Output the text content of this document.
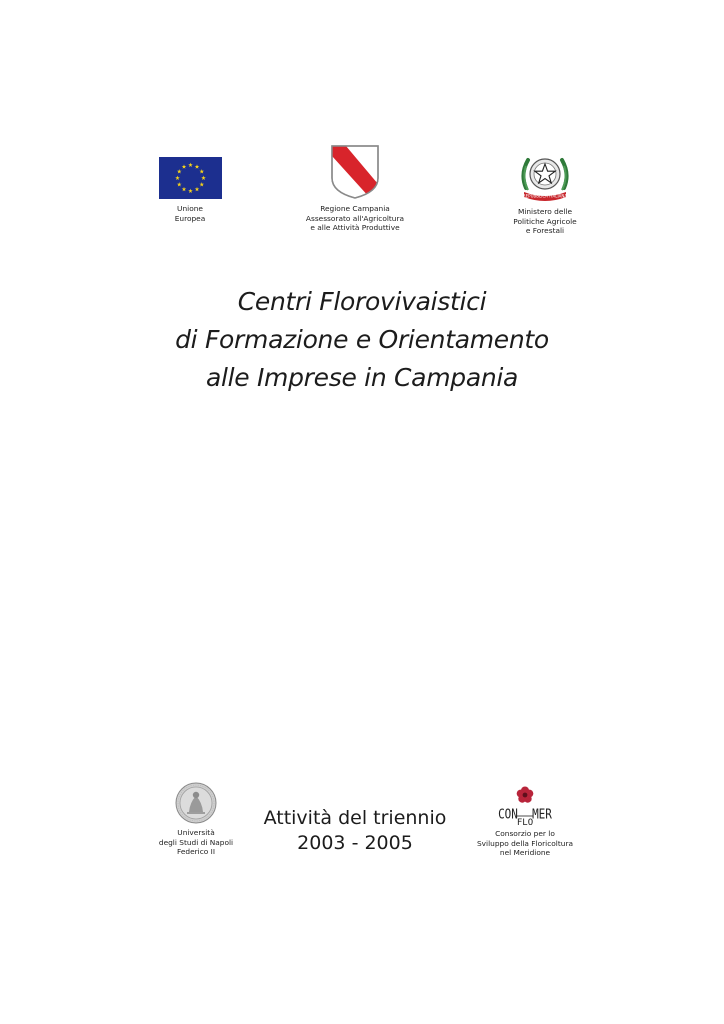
Unione
Europea
Regione Campania
Assessorato all'Agricoltura
e alle Attività Produttive
REPUBBLICA ITALIANA
Ministero delle
Politiche Agricole
e Forestali
Centri Florovivaistici
di Formazione e Orientamento
alle Imprese in Campania
Università
degli Studi di Napoli
Federico II
Attività del triennio
2003 - 2005
CON
FLO
MER
Consorzio per lo
Sviluppo della Floricoltura
nel Meridione
